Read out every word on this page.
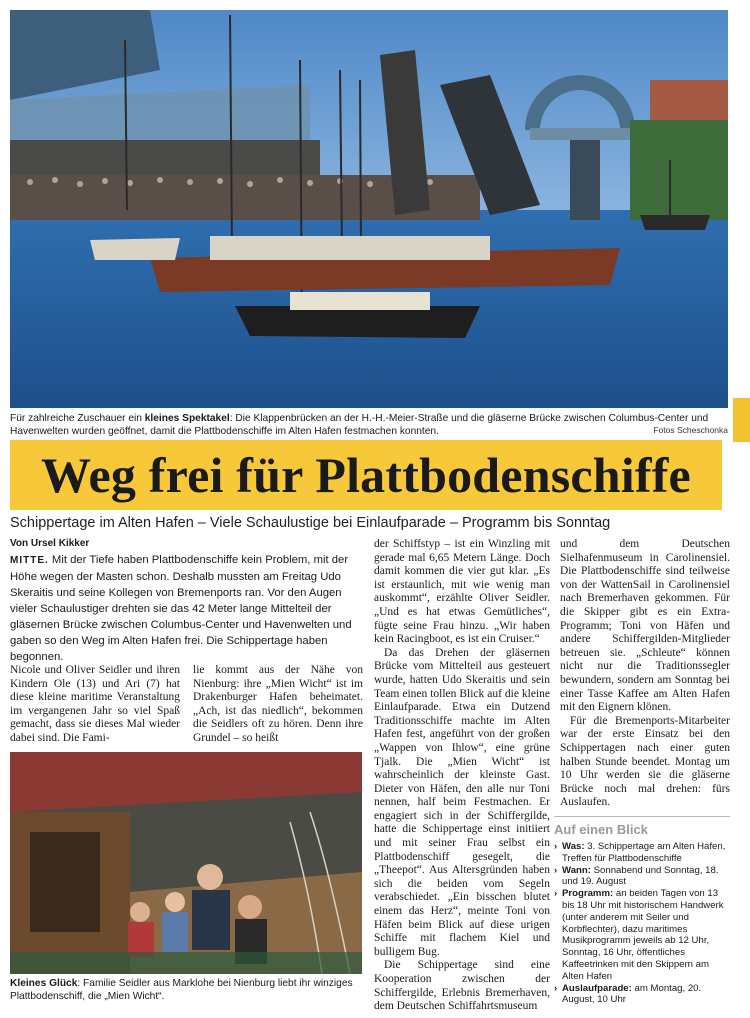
Für zahlreiche Zuschauer ein kleines Spektakel: Die Klappenbrücken an der H.-H.-Meier-Straße und die gläserne Brücke zwischen Columbus-Center und Havenwelten wurden geöffnet, damit die Plattbodenschiffe im Alten Hafen festmachen konnten.	Fotos Scheschonka
Weg frei für Plattbodenschiffe
Schippertage im Alten Hafen – Viele Schaulustige bei Einlaufparade – Programm bis Sonntag
Von Ursel Kikker
MITTE. Mit der Tiefe haben Plattbodenschiffe kein Problem, mit der Höhe wegen der Masten schon. Deshalb mussten am Freitag Udo Skeraitis und seine Kollegen von Bremenports ran. Vor den Augen vieler Schaulustiger drehten sie das 42 Meter lange Mittelteil der gläsernen Brücke zwischen Columbus-Center und Havenwelten und gaben so den Weg im Alten Hafen frei. Die Schippertage haben begonnen.

Nicole und Oliver Seidler und ihren Kindern Ole (13) und Ari (7) hat diese kleine maritime Veranstaltung im vergangenen Jahr so viel Spaß gemacht, dass sie dieses Mal wieder dabei sind. Die Fami-

lie kommt aus der Nähe von Nienburg: ihre „Mien Wicht“ ist im Drakenburger Hafen beheimatet. „Ach, ist das niedlich“, bekommen die Seidlers oft zu hören. Denn ihre Grundel – so heißt

Kleines Glück: Familie Seidler aus Marklohe bei Nienburg liebt ihr winziges Plattbodenschiff, die „Mien Wicht“.

der Schiffstyp – ist ein Winzling mit gerade mal 6,65 Metern Länge. Doch damit kommen die vier gut klar. „Es ist erstaunlich, mit wie wenig man auskommt“, erzählte Oliver Seidler. „Und es hat etwas Gemütliches“, fügte seine Frau hinzu. „Wir haben kein Racingboot, es ist ein Cruiser.“

Da das Drehen der gläsernen Brücke vom Mittelteil aus gesteuert wurde, hatten Udo Skeraitis und sein Team einen tollen Blick auf die kleine Einlaufparade. Etwa ein Dutzend Traditionsschiffe machte im Alten Hafen fest, angeführt von der großen „Wappen von Ihlow“, eine grüne Tjalk. Die „Mien Wicht“ ist wahrscheinlich der kleinste Gast. Dieter von Häfen, den alle nur Toni nennen, half beim Festmachen. Er engagiert sich in der Schiffergilde, hatte die Schippertage einst initiiert und mit seiner Frau selbst ein Plattbodenschiff gesegelt, die „Theepot“. Aus Altersgründen haben sich die beiden vom Segeln verabschiedet. „Ein bisschen blutet einem das Herz“, meinte Toni von Häfen beim Blick auf diese urigen Schiffe mit flachem Kiel und bulligem Bug.

Die Schippertage sind eine Kooperation zwischen der Schiffergilde, Erlebnis Bremerhaven, dem Deutschen Schiffahrtsmuseum

und dem Deutschen Sielhafenmuseum in Carolinensiel. Die Plattbodenschiffe sind teilweise von der WattenSail in Carolinensiel nach Bremerhaven gekommen. Für die Skipper gibt es ein Extra-Programm; Toni von Häfen und andere Schiffergilden-Mitglieder betreuen sie. „Schleute“ können nicht nur die Traditionssegler bewundern, sondern am Sonntag bei einer Tasse Kaffee am Alten Hafen mit den Eignern klönen.

Für die Bremenports-Mitarbeiter war der erste Einsatz bei den Schippertagen nach einer guten halben Stunde beendet. Montag um 10 Uhr werden sie die gläserne Brücke noch mal drehen: fürs Auslaufen.

Auf einen Blick
› Was: 3. Schippertage am Alten Hafen, Treffen für Plattbodenschiffe
› Wann: Sonnabend und Sonntag, 18. und 19. August
› Programm: an beiden Tagen von 13 bis 18 Uhr mit historischem Handwerk (unter anderem mit Seiler und Korbflechter), dazu maritimes Musikprogramm jeweils ab 12 Uhr, Sonntag, 16 Uhr, öffentliches Kaffeetrinken mit den Skippern am Alten Hafen
› Auslaufparade: am Montag, 20. August, 10 Uhr
